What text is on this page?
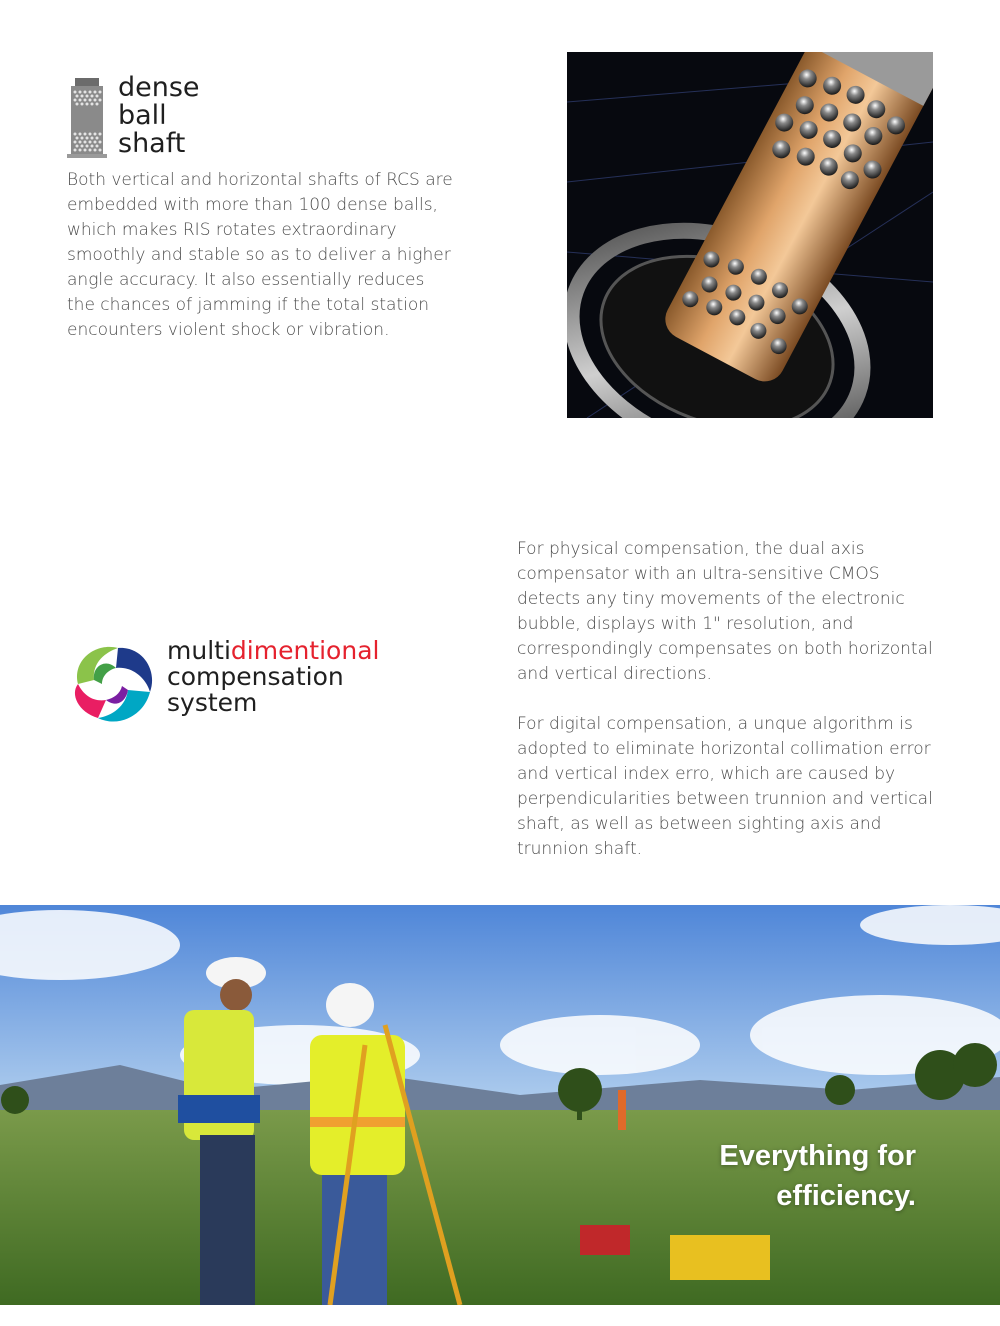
dense
ball
shaft
Both vertical and horizontal shafts of RCS are embedded with more than 100 dense balls, which makes RIS rotates extraordinary smoothly and stable so as to deliver a higher angle accuracy. It also essentially reduces the chances of jamming if the total station encounters violent shock or vibration.
multidimentional
compensation
system

For physical compensation, the dual axis compensator with an ultra-sensitive CMOS detects any tiny movements of the electronic bubble, displays with 1" resolution, and correspondingly compensates on both horizontal and vertical directions.

For digital compensation, a unque algorithm is adopted to eliminate horizontal collimation error and vertical index erro, which are caused by perpendicularities between trunnion and vertical shaft, as well as between sighting axis and trunnion shaft.

Everything for
efficiency.
